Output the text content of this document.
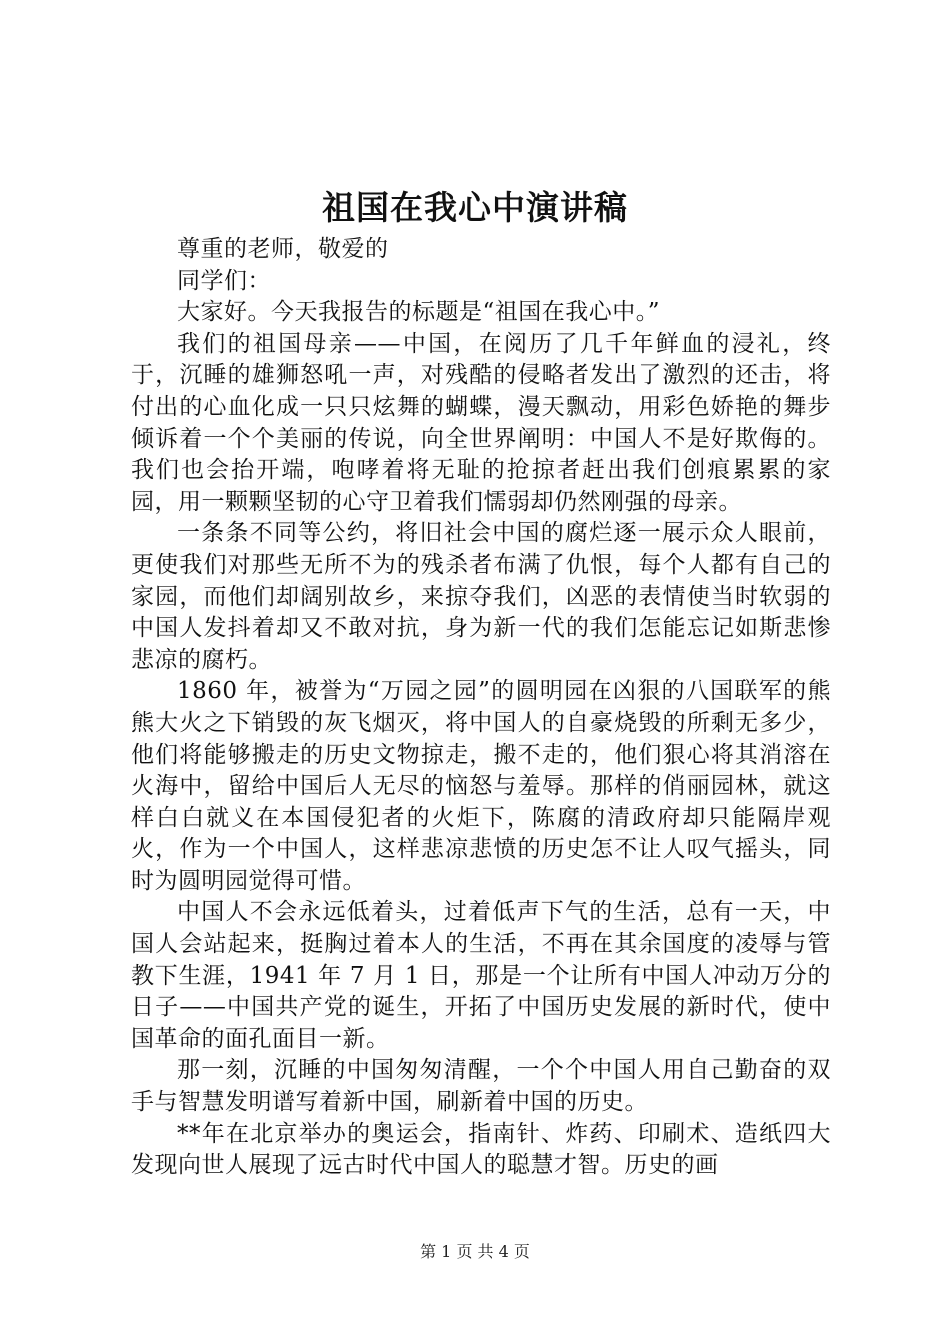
祖国在我心中演讲稿

尊重的老师，敬爱的

同学们：

大家好。今天我报告的标题是“祖国在我心中。”

我们的祖国母亲——中国，在阅历了几千年鲜血的浸礼，终于，沉睡的雄狮怒吼一声，对残酷的侵略者发出了激烈的还击，将付出的心血化成一只只炫舞的蝴蝶，漫天飘动，用彩色娇艳的舞步倾诉着一个个美丽的传说，向全世界阐明：中国人不是好欺侮的。我们也会抬开端，咆哮着将无耻的抢掠者赶出我们创痕累累的家园，用一颗颗坚韧的心守卫着我们懦弱却仍然刚强的母亲。

一条条不同等公约，将旧社会中国的腐烂逐一展示众人眼前，更使我们对那些无所不为的残杀者布满了仇恨，每个人都有自己的家园，而他们却阔别故乡，来掠夺我们，凶恶的表情使当时软弱的中国人发抖着却又不敢对抗，身为新一代的我们怎能忘记如斯悲惨悲凉的腐朽。

1860 年，被誉为“万园之园”的圆明园在凶狠的八国联军的熊熊大火之下销毁的灰飞烟灭，将中国人的自豪烧毁的所剩无多少，他们将能够搬走的历史文物掠走，搬不走的，他们狠心将其消溶在火海中，留给中国后人无尽的恼怒与羞辱。那样的俏丽园林，就这样白白就义在本国侵犯者的火炬下，陈腐的清政府却只能隔岸观火，作为一个中国人，这样悲凉悲愤的历史怎不让人叹气摇头，同时为圆明园觉得可惜。

中国人不会永远低着头，过着低声下气的生活，总有一天，中国人会站起来，挺胸过着本人的生活，不再在其余国度的凌辱与管教下生涯，1941 年 7 月 1 日，那是一个让所有中国人冲动万分的日子——中国共产党的诞生，开拓了中国历史发展的新时代，使中国革命的面孔面目一新。

那一刻，沉睡的中国匆匆清醒，一个个中国人用自己勤奋的双手与智慧发明谱写着新中国，刷新着中国的历史。

**年在北京举办的奥运会，指南针、炸药、印刷术、造纸四大发现向世人展现了远古时代中国人的聪慧才智。历史的画

第 1 页 共 4 页
